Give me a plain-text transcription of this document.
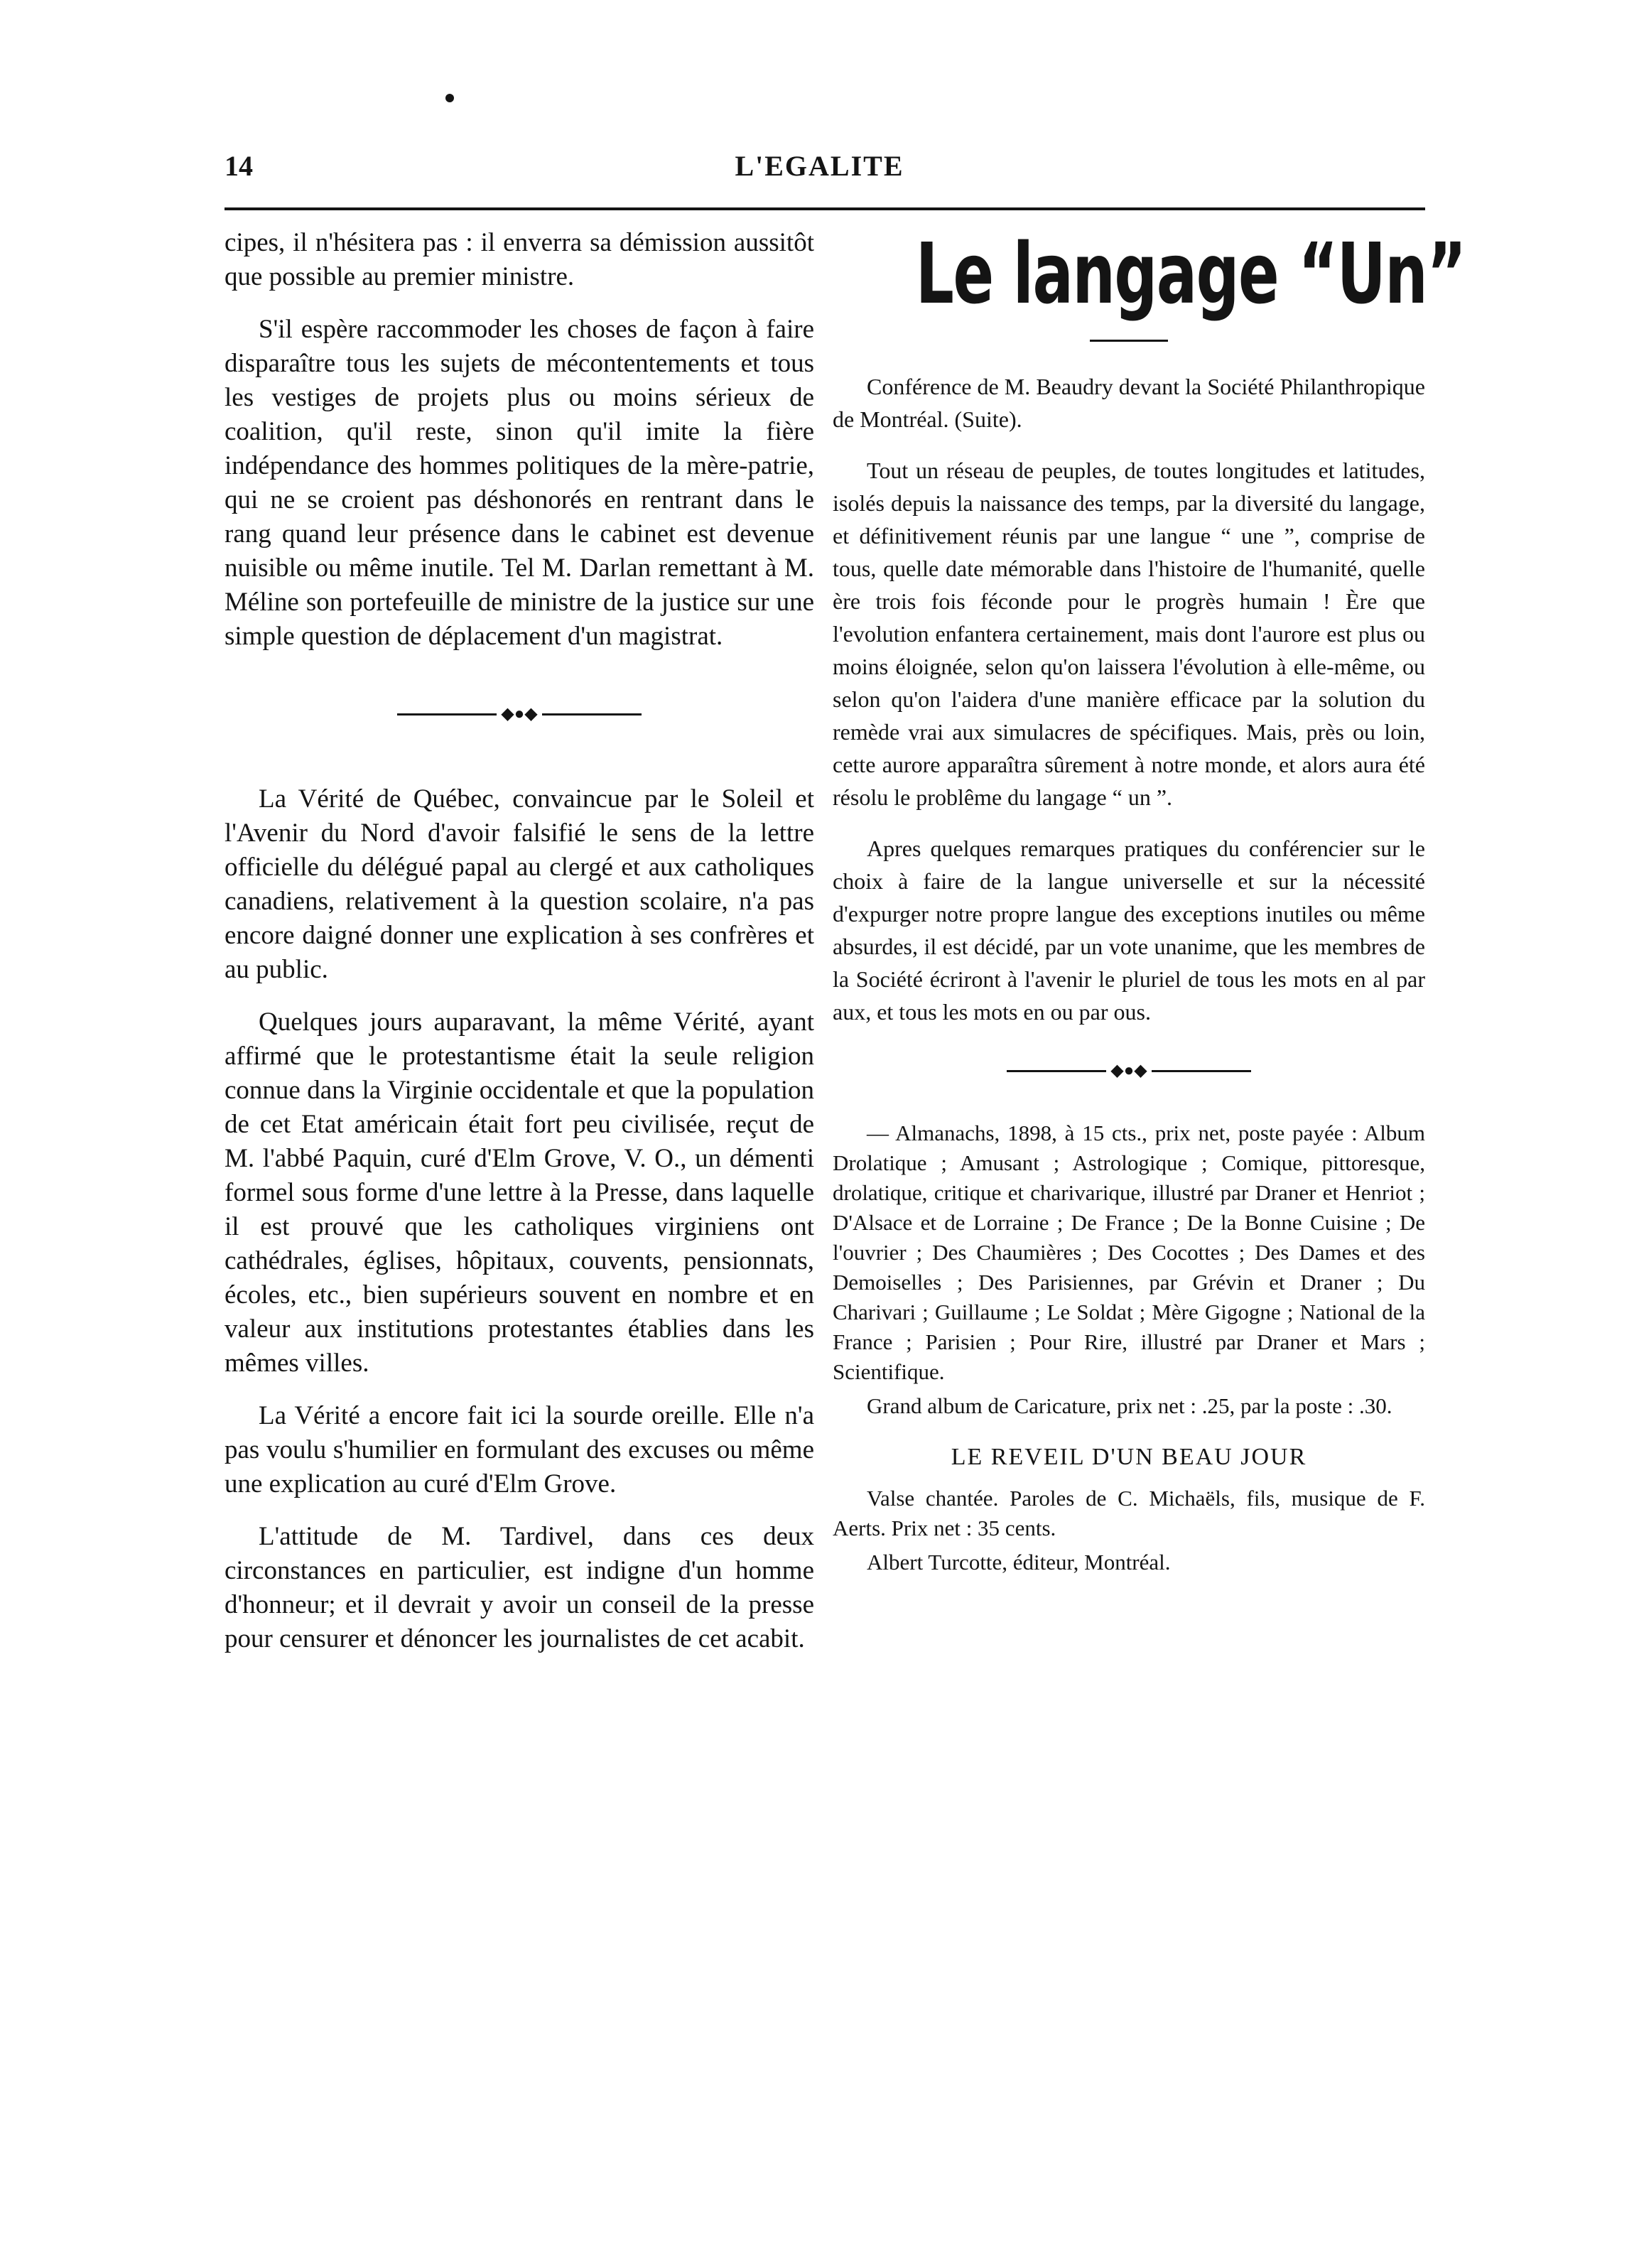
14	L'EGALITE

cipes, il n'hésitera pas : il enverra sa démission aussitôt que possible au premier ministre.

S'il espère raccommoder les choses de façon à faire disparaître tous les sujets de mécontentements et tous les vestiges de projets plus ou moins sérieux de coalition, qu'il reste, sinon qu'il imite la fière indépendance des hommes politiques de la mère-patrie, qui ne se croient pas déshonorés en rentrant dans le rang quand leur présence dans le cabinet est devenue nuisible ou même inutile. Tel M. Darlan remettant à M. Méline son portefeuille de ministre de la justice sur une simple question de déplacement d'un magistrat.

◆●◆

La Vérité de Québec, convaincue par le Soleil et l'Avenir du Nord d'avoir falsifié le sens de la lettre officielle du délégué papal au clergé et aux catholiques canadiens, relativement à la question scolaire, n'a pas encore daigné donner une explication à ses confrères et au public.

Quelques jours auparavant, la même Vérité, ayant affirmé que le protestantisme était la seule religion connue dans la Virginie occidentale et que la population de cet Etat américain était fort peu civilisée, reçut de M. l'abbé Paquin, curé d'Elm Grove, V. O., un démenti formel sous forme d'une lettre à la Presse, dans laquelle il est prouvé que les catholiques virginiens ont cathédrales, églises, hôpitaux, couvents, pensionnats, écoles, etc., bien supérieurs souvent en nombre et en valeur aux institutions protestantes établies dans les mêmes villes.

La Vérité a encore fait ici la sourde oreille. Elle n'a pas voulu s'humilier en formulant des excuses ou même une explication au curé d'Elm Grove.

L'attitude de M. Tardivel, dans ces deux circonstances en particulier, est indigne d'un homme d'honneur; et il devrait y avoir un conseil de la presse pour censurer et dénoncer les journalistes de cet acabit.

Le langage “Un”

Conférence de M. Beaudry devant la Société Philanthropique de Montréal. (Suite).

Tout un réseau de peuples, de toutes longitudes et latitudes, isolés depuis la naissance des temps, par la diversité du langage, et définitivement réunis par une langue “ une ”, comprise de tous, quelle date mémorable dans l'histoire de l'humanité, quelle ère trois fois féconde pour le progrès humain ! Ère que l'evolution enfantera certainement, mais dont l'aurore est plus ou moins éloignée, selon qu'on laissera l'évolution à elle-même, ou selon qu'on l'aidera d'une manière efficace par la solution du remède vrai aux simulacres de spécifiques. Mais, près ou loin, cette aurore apparaîtra sûrement à notre monde, et alors aura été résolu le problême du langage “ un ”.

Apres quelques remarques pratiques du conférencier sur le choix à faire de la langue universelle et sur la nécessité d'expurger notre propre langue des exceptions inutiles ou même absurdes, il est décidé, par un vote unanime, que les membres de la Société écriront à l'avenir le pluriel de tous les mots en al par aux, et tous les mots en ou par ous.

◆●◆

— Almanachs, 1898, à 15 cts., prix net, poste payée : Album Drolatique ; Amusant ; Astrologique ; Comique, pittoresque, drolatique, critique et charivarique, illustré par Draner et Henriot ; D'Alsace et de Lorraine ; De France ; De la Bonne Cuisine ; De l'ouvrier ; Des Chaumières ; Des Cocottes ; Des Dames et des Demoiselles ; Des Parisiennes, par Grévin et Draner ; Du Charivari ; Guillaume ; Le Soldat ; Mère Gigogne ; National de la France ; Parisien ; Pour Rire, illustré par Draner et Mars ; Scientifique.

Grand album de Caricature, prix net : .25, par la poste : .30.

LE REVEIL D'UN BEAU JOUR

Valse chantée. Paroles de C. Michaëls, fils, musique de F. Aerts. Prix net : 35 cents.

Albert Turcotte, éditeur, Montréal.
